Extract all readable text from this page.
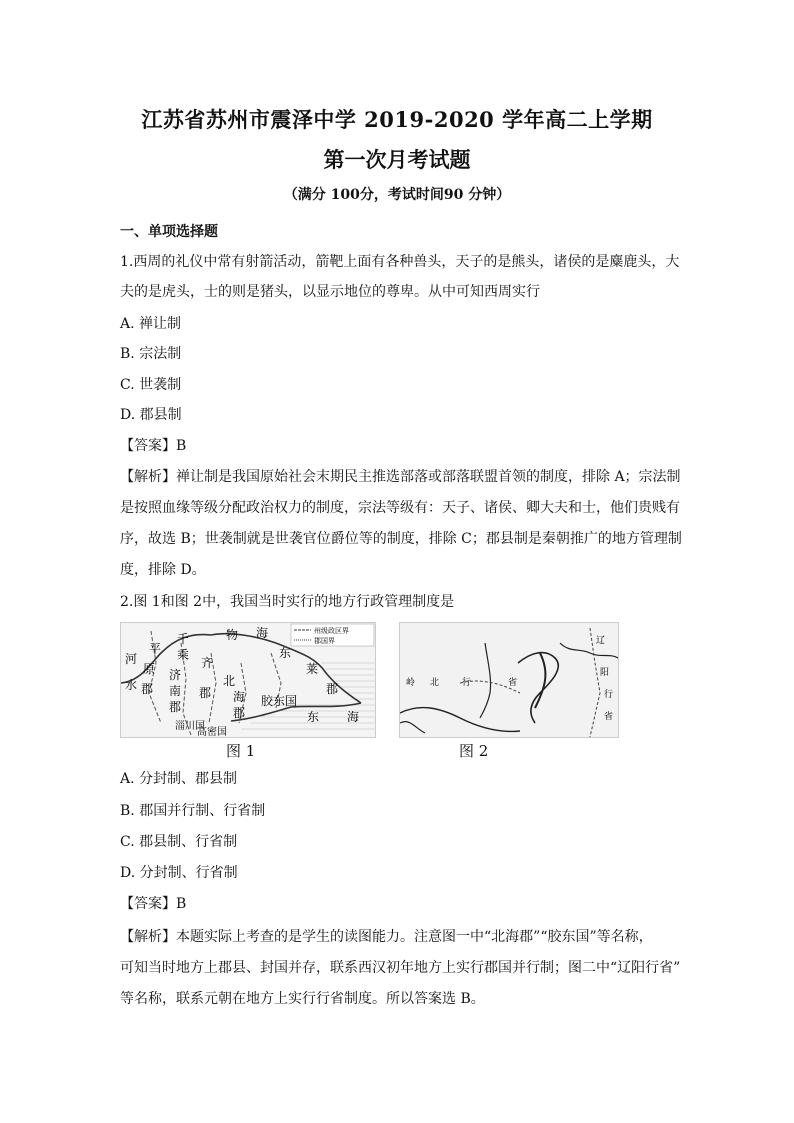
江苏省苏州市震泽中学 2019-2020 学年高二上学期
第一次月考试题
（满分 100分，考试时间90 分钟）
一、单项选择题
1.西周的礼仪中常有射箭活动，箭靶上面有各种兽头，天子的是熊头，诸侯的是麋鹿头，大
夫的是虎头，士的则是猪头，以显示地位的尊卑。从中可知西周实行
A. 禅让制
B. 宗法制
C. 世袭制
D. 郡县制
【答案】B
【解析】禅让制是我国原始社会末期民主推选部落或部落联盟首领的制度，排除 A；宗法制
是按照血缘等级分配政治权力的制度，宗法等级有：天子、诸侯、卿大夫和士，他们贵贱有
序，故选 B；世袭制就是世袭官位爵位等的制度，排除 C；郡县制是秦朝推广的地方管理制
度，排除 D。
2.图 1和图 2中，我国当时实行的地方行政管理制度是
州级政区界
郡国界
河
水
平
原
郡
千
乘
物 海
东
莱
郡
济
南
郡
齐
郡
北
海
郡
胶东国
东 海
淄川国
高密国
图 1
岭 北	行	省
辽
阳
行
省
图 2
A. 分封制、郡县制
B. 郡国并行制、行省制
C. 郡县制、行省制
D. 分封制、行省制
【答案】B
【解析】本题实际上考查的是学生的读图能力。注意图一中“北海郡”“胶东国”等名称，
可知当时地方上郡县、封国并存，联系西汉初年地方上实行郡国并行制；图二中“辽阳行省”
等名称，联系元朝在地方上实行行省制度。所以答案选 B。
